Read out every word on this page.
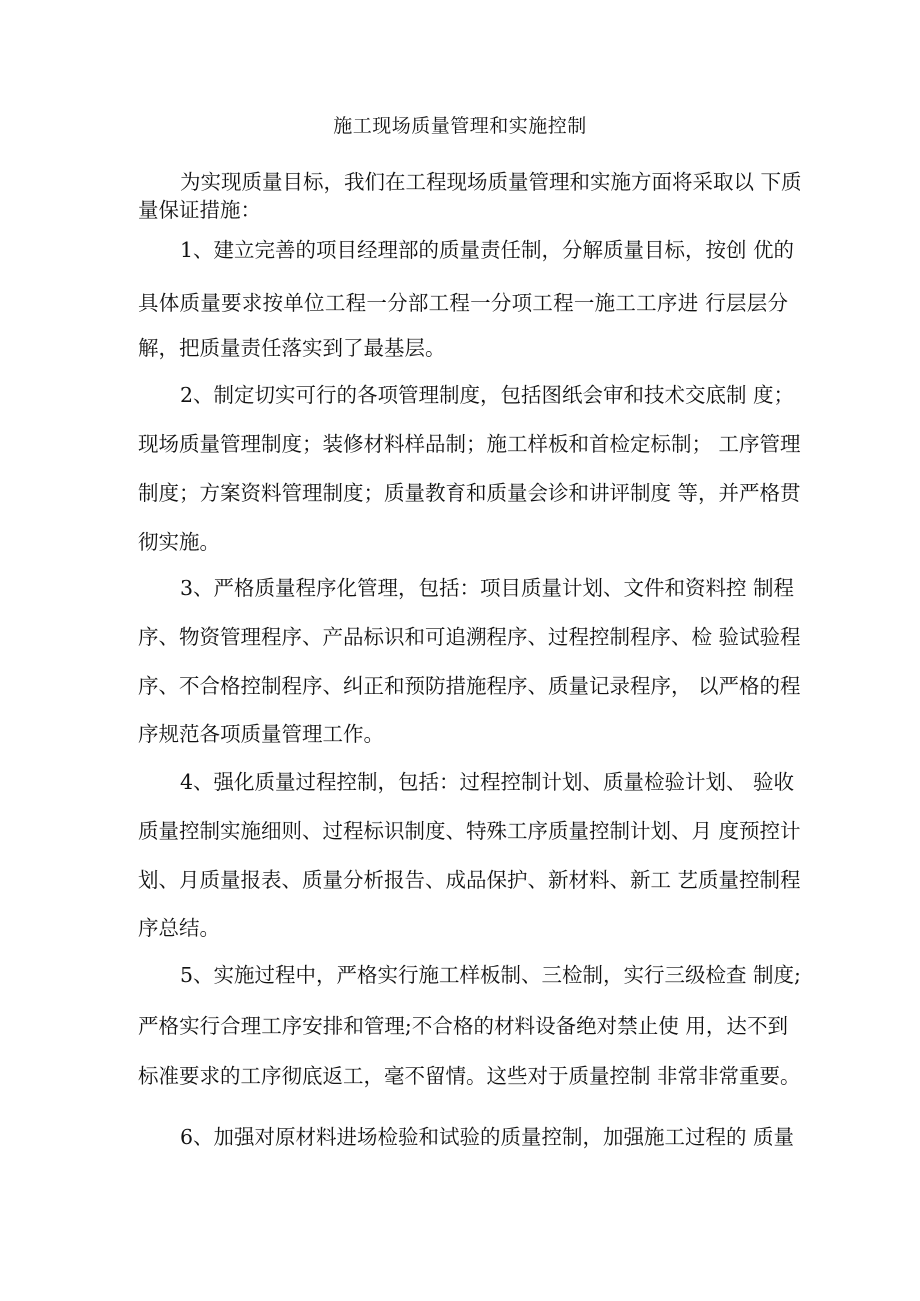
施工现场质量管理和实施控制
为实现质量目标，我们在工程现场质量管理和实施方面将采取以 下质
量保证措施：
1、建立完善的项目经理部的质量责任制，分解质量目标，按创 优的
具体质量要求按单位工程一分部工程一分项工程一施工工序进 行层层分
解，把质量责任落实到了最基层。
2、制定切实可行的各项管理制度，包括图纸会审和技术交底制 度；
现场质量管理制度；装修材料样品制；施工样板和首检定标制； 工序管理
制度；方案资料管理制度；质量教育和质量会诊和讲评制度 等，并严格贯
彻实施。
3、严格质量程序化管理，包括：项目质量计划、文件和资料控 制程
序、物资管理程序、产品标识和可追溯程序、过程控制程序、检 验试验程
序、不合格控制程序、纠正和预防措施程序、质量记录程序， 以严格的程
序规范各项质量管理工作。
4、强化质量过程控制，包括：过程控制计划、质量检验计划、 验收
质量控制实施细则、过程标识制度、特殊工序质量控制计划、月 度预控计
划、月质量报表、质量分析报告、成品保护、新材料、新工 艺质量控制程
序总结。
5、实施过程中，严格实行施工样板制、三检制，实行三级检查 制度;
严格实行合理工序安排和管理;不合格的材料设备绝对禁止使 用，达不到
标准要求的工序彻底返工，毫不留情。这些对于质量控制 非常非常重要。
6、加强对原材料进场检验和试验的质量控制，加强施工过程的 质量
